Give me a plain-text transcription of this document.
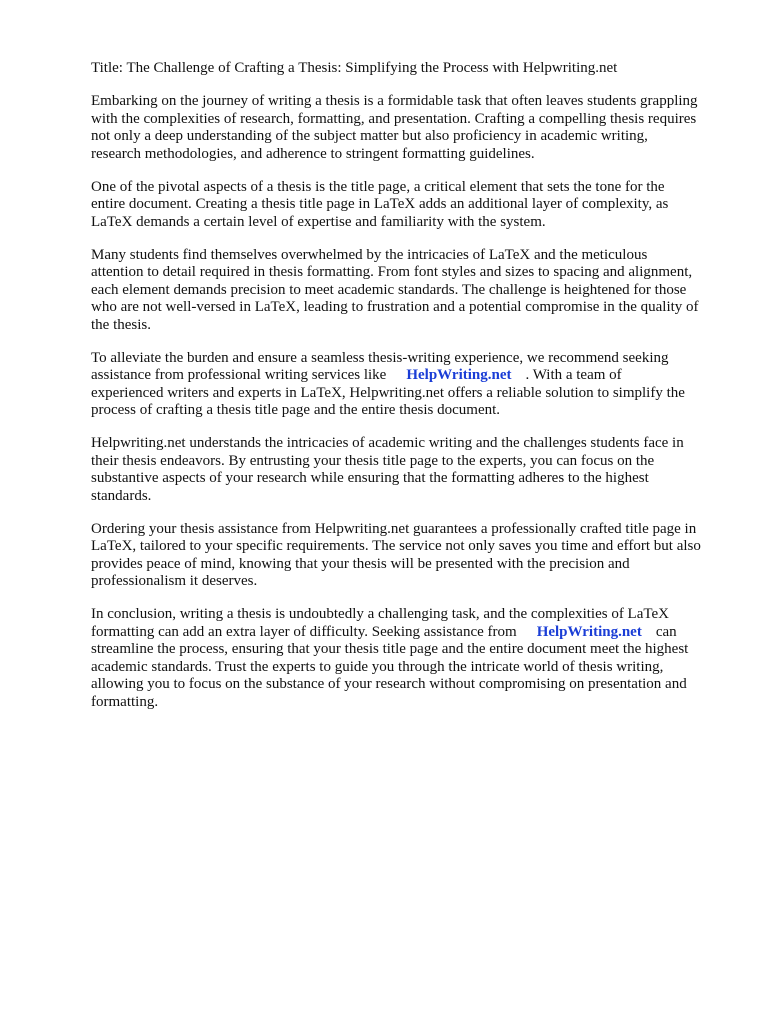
Title: The Challenge of Crafting a Thesis: Simplifying the Process with Helpwriting.net
Embarking on the journey of writing a thesis is a formidable task that often leaves students grappling
with the complexities of research, formatting, and presentation. Crafting a compelling thesis requires
not only a deep understanding of the subject matter but also proficiency in academic writing,
research methodologies, and adherence to stringent formatting guidelines.
One of the pivotal aspects of a thesis is the title page, a critical element that sets the tone for the
entire document. Creating a thesis title page in LaTeX adds an additional layer of complexity, as
LaTeX demands a certain level of expertise and familiarity with the system.
Many students find themselves overwhelmed by the intricacies of LaTeX and the meticulous
attention to detail required in thesis formatting. From font styles and sizes to spacing and alignment,
each element demands precision to meet academic standards. The challenge is heightened for those
who are not well-versed in LaTeX, leading to frustration and a potential compromise in the quality of
the thesis.
To alleviate the burden and ensure a seamless thesis-writing experience, we recommend seeking
assistance from professional writing services like HelpWriting.net . With a team of
experienced writers and experts in LaTeX, Helpwriting.net offers a reliable solution to simplify the
process of crafting a thesis title page and the entire thesis document.
Helpwriting.net understands the intricacies of academic writing and the challenges students face in
their thesis endeavors. By entrusting your thesis title page to the experts, you can focus on the
substantive aspects of your research while ensuring that the formatting adheres to the highest
standards.
Ordering your thesis assistance from Helpwriting.net guarantees a professionally crafted title page in
LaTeX, tailored to your specific requirements. The service not only saves you time and effort but also
provides peace of mind, knowing that your thesis will be presented with the precision and
professionalism it deserves.
In conclusion, writing a thesis is undoubtedly a challenging task, and the complexities of LaTeX
formatting can add an extra layer of difficulty. Seeking assistance from HelpWriting.net can
streamline the process, ensuring that your thesis title page and the entire document meet the highest
academic standards. Trust the experts to guide you through the intricate world of thesis writing,
allowing you to focus on the substance of your research without compromising on presentation and
formatting.
